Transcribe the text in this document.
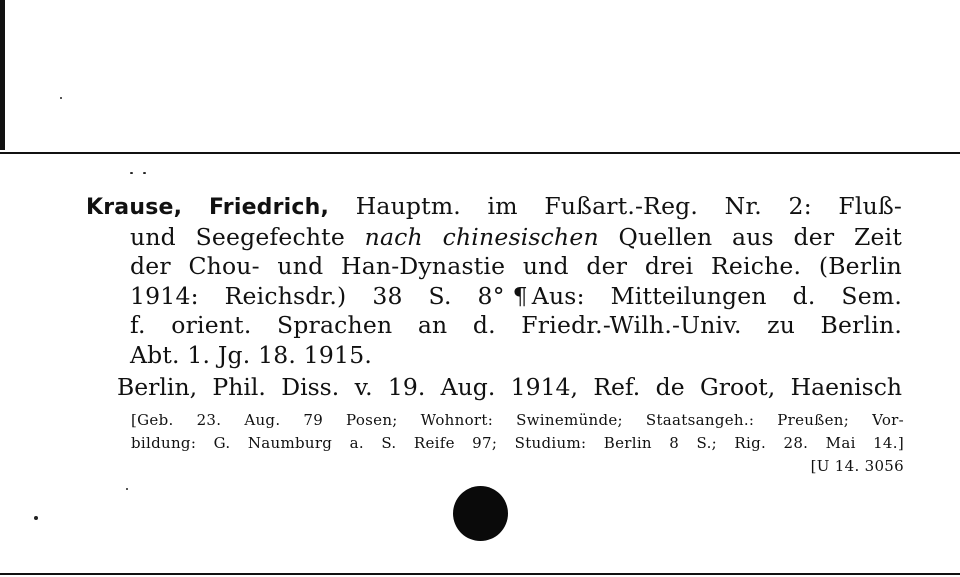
Krause, Friedrich, Hauptm. im Fußart.-Reg. Nr. 2: Fluß-
und Seegefechte nach chinesischen Quellen aus der Zeit
der Chou- und Han-Dynastie und der drei Reiche. (Berlin
1914: Reichsdr.) 38 S. 8° ¶ Aus: Mitteilungen d. Sem.
f. orient. Sprachen an d. Friedr.-Wilh.-Univ. zu Berlin.
Abt. 1. Jg. 18. 1915.
Berlin, Phil. Diss. v. 19. Aug. 1914, Ref. de Groot, Haenisch
[Geb. 23. Aug. 79 Posen; Wohnort: Swinemünde; Staatsangeh.: Preußen; Vor-
bildung: G. Naumburg a. S. Reife 97; Studium: Berlin 8 S.; Rig. 28. Mai 14.]
[U 14. 3056
